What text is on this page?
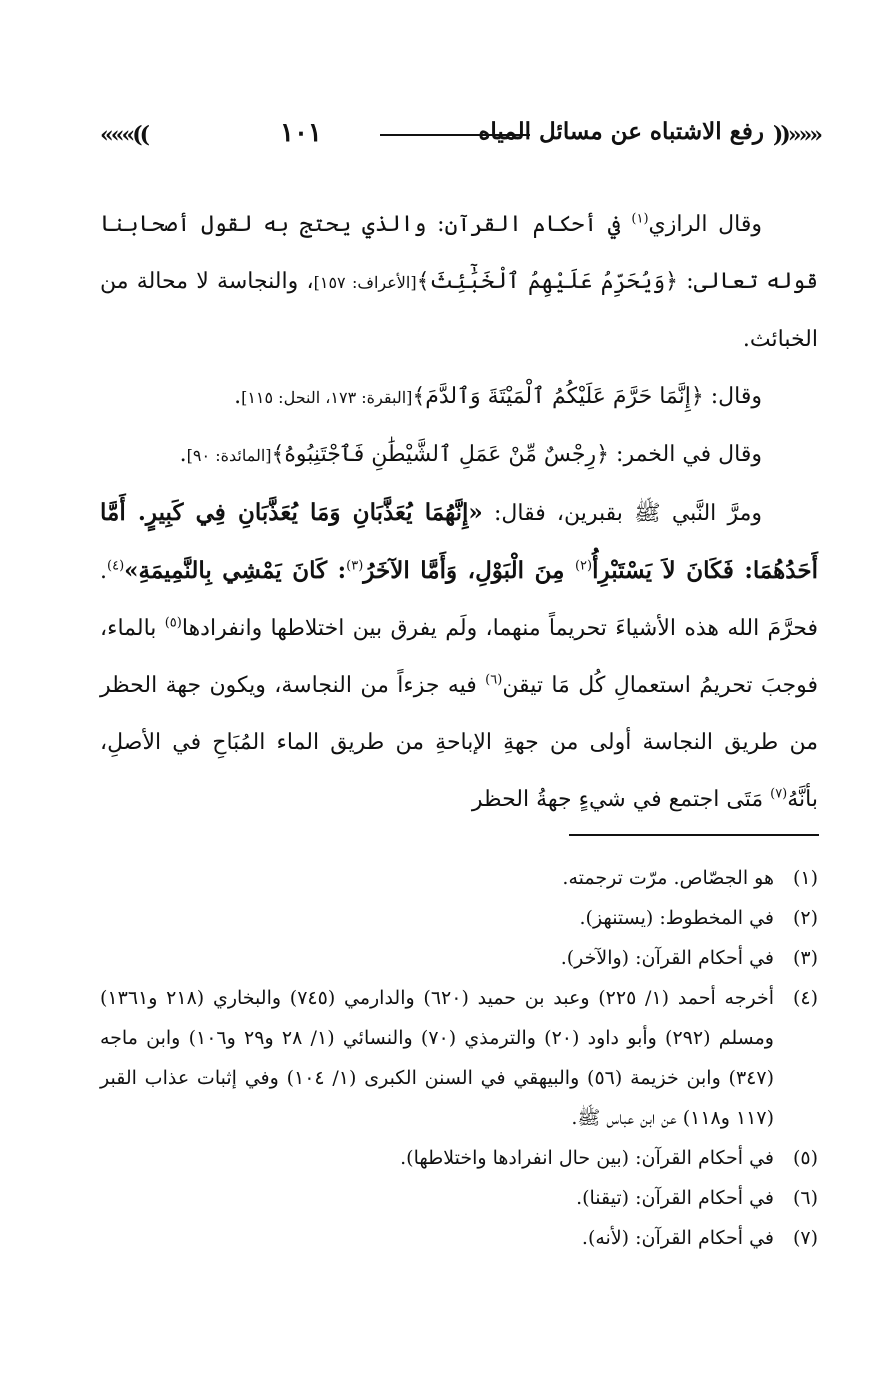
«««((	١٠١	رفع الاشتباه عن مسائل المياه ))»»»

وقال الرازي$^{(١)}$ في أحكام القرآن: والذي يحتج به لقول أصحابنا قوله تعالى: ﴿وَيُحَرِّمُ عَلَيْهِمُ ٱلْخَبَٰٓئِثَ﴾[الأعراف: ١٥٧]، والنجاسة لا محالة من الخبائث.

وقال: ﴿إِنَّمَا حَرَّمَ عَلَيْكُمُ ٱلْمَيْتَةَ وَٱلدَّمَ﴾[البقرة: ١٧٣، النحل: ١١٥].

وقال في الخمر: ﴿رِجْسٌ مِّنْ عَمَلِ ٱلشَّيْطَٰنِ فَٱجْتَنِبُوهُ﴾[المائدة: ٩٠].

ومرَّ النَّبي ﷺ بقبرين، فقال: «إِنَّهُمَا يُعَذَّبَانِ وَمَا يُعَذَّبَانِ فِي كَبِيرٍ. أَمَّا أَحَدُهُمَا: فَكَانَ لاَ يَسْتَبْرِأُ$^{(٢)}$ مِنَ الْبَوْلِ، وَأَمَّا الآخَرُ$^{(٣)}$: كَانَ يَمْشِي بِالنَّمِيمَةِ»$^{(٤)}$. فحرَّمَ الله هذه الأشياءَ تحريماً منهما، ولَم يفرق بين اختلاطها وانفرادها$^{(٥)}$ بالماء، فوجبَ تحريمُ استعمالِ كُل مَا تيقن$^{(٦)}$ فيه جزءاً من النجاسة، ويكون جهة الحظر من طريق النجاسة أولى من جهةِ الإباحةِ من طريق الماء المُبَاحِ في الأصلِ، بأنَّهُ$^{(٧)}$ مَتَى اجتمع في شيءٍ جهةُ الحظر

(١)
هو الجصّاص. مرّت ترجمته.
(٢)
في المخطوط: (يستنهز).
(٣)
في أحكام القرآن: (والآخر).
(٤)
أخرجه أحمد (١/ ٢٢٥) وعبد بن حميد (٦٢٠) والدارمي (٧٤٥) والبخاري (٢١٨ و١٣٦١) ومسلم (٢٩٢) وأبو داود (٢٠) والترمذي (٧٠) والنسائي (١/ ٢٨ و٢٩ و١٠٦) وابن ماجه (٣٤٧) وابن خزيمة (٥٦) والبيهقي في السنن الكبرى (١/ ١٠٤) وفي إثبات عذاب القبر (١١٧ و١١٨) عن ابن عباس ﷺ.
(٥)
في أحكام القرآن: (بين حال انفرادها واختلاطها).
(٦)
في أحكام القرآن: (تيقنا).
(٧)
في أحكام القرآن: (لأنه).
